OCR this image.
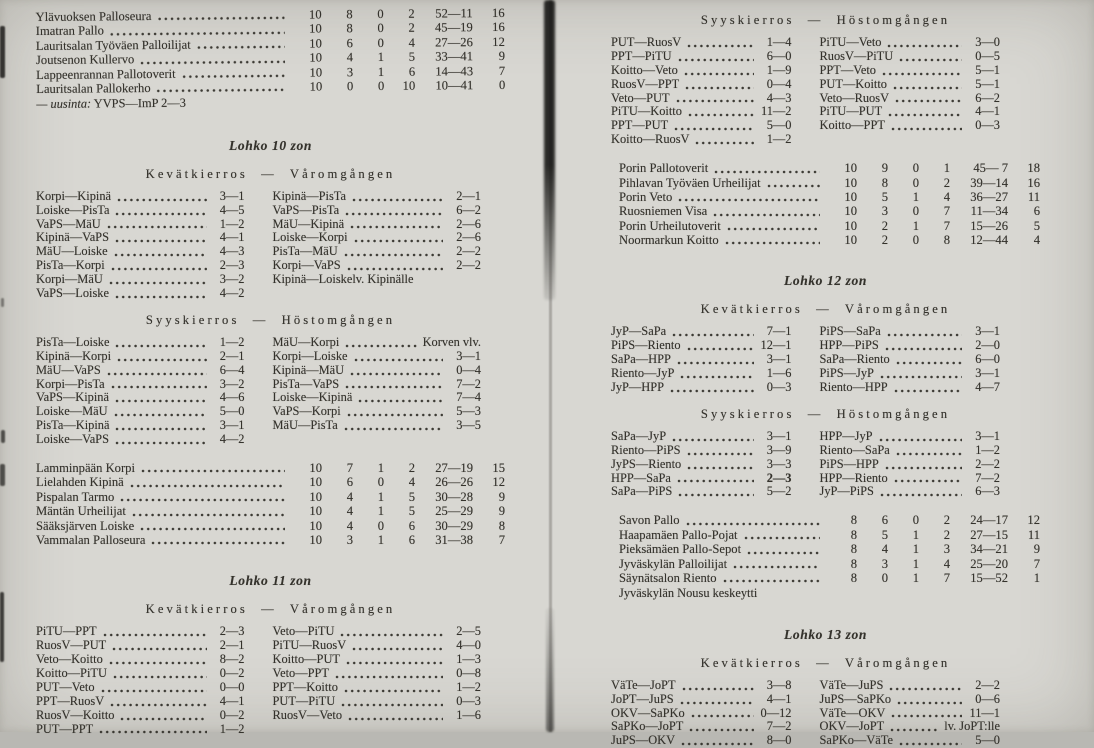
Ylävuoksen Palloseura	10	8	0	2	52—11	16
Imatran Pallo	10	8	0	2	45—19	16
Lauritsalan Työväen Palloilijat	10	6	0	4	27—26	12
Joutsenon Kullervo	10	4	1	5	33—41	9
Lappeenrannan Pallotoverit	10	3	1	6	14—43	7
Lauritsalan Pallokerho	10	0	0	10	10—41	0
— uusinta: YVPS—ImP 2—3
Lohko 10 zon
Kevätkierros — Våromgången
Korpi—Kipinä	3—1
Loiske—PisTa	4—5
VaPS—MäU	1—2
Kipinä—VaPS	4—1
MäU—Loiske	4—3
PisTa—Korpi	2—3
Korpi—MäU	3—2
VaPS—Loiske	4—2
Kipinä—PisTa	2—1
VaPS—PisTa	6—2
MäU—Kipinä	2—6
Loiske—Korpi	2—6
PisTa—MäU	2—2
Korpi—VaPS	2—2
Kipinä—Loiske lv. Kipinälle
Syyskierros — Höstomgången
PisTa—Loiske	1—2
Kipinä—Korpi	2—1
MäU—VaPS	6—4
Korpi—PisTa	3—2
VaPS—Kipinä	4—6
Loiske—MäU	5—0
PisTa—Kipinä	3—1
Loiske—VaPS	4—2
MäU—Korpi	Korven vlv.
Korpi—Loiske	3—1
Kipinä—MäU	0—4
PisTa—VaPS	7—2
Loiske—Kipinä	7—4
VaPS—Korpi	5—3
MäU—PisTa	3—5
Lamminpään Korpi	10	7	1	2	27—19	15
Lielahden Kipinä	10	6	0	4	26—26	12
Pispalan Tarmo	10	4	1	5	30—28	9
Mäntän Urheilijat	10	4	1	5	25—29	9
Sääksjärven Loiske	10	4	0	6	30—29	8
Vammalan Palloseura	10	3	1	6	31—38	7
Lohko 11 zon
Kevätkierros — Våromgången
PiTU—PPT	2—3
RuosV—PUT	2—1
Veto—Koitto	8—2
Koitto—PiTU	0—2
PUT—Veto	0—0
PPT—RuosV	4—1
RuosV—Koitto	0—2
PUT—PPT	1—2
Veto—PiTU	2—5
PiTU—RuosV	4—0
Koitto—PUT	1—3
Veto—PPT	0—8
PPT—Koitto	1—2
PUT—PiTU	0—3
RuosV—Veto	1—6
Syyskierros — Höstomgången
PUT—RuosV	1—4
PPT—PiTU	6—0
Koitto—Veto	1—9
RuosV—PPT	0—4
Veto—PUT	4—3
PiTU—Koitto	11—2
PPT—PUT	5—0
Koitto—RuosV	1—2
PiTU—Veto	3—0
RuosV—PiTU	0—5
PPT—Veto	5—1
PUT—Koitto	5—1
Veto—RuosV	6—2
PiTU—PUT	4—1
Koitto—PPT	0—3
Porin Pallotoverit	10	9	0	1	45— 7	18
Pihlavan Työväen Urheilijat	10	8	0	2	39—14	16
Porin Veto	10	5	1	4	36—27	11
Ruosniemen Visa	10	3	0	7	11—34	6
Porin Urheilutoverit	10	2	1	7	15—26	5
Noormarkun Koitto	10	2	0	8	12—44	4
Lohko 12 zon
Kevätkierros — Våromgången
JyP—SaPa	7—1
PiPS—Riento	12—1
SaPa—HPP	3—1
Riento—JyP	1—6
JyP—HPP	0—3
PiPS—SaPa	3—1
HPP—PiPS	2—0
SaPa—Riento	6—0
PiPS—JyP	3—1
Riento—HPP	4—7
Syyskierros — Höstomgången
SaPa—JyP	3—1
Riento—PiPS	3—9
JyPS—Riento	3—3
HPP—SaPa	2—3
SaPa—PiPS	5—2
HPP—JyP	3—1
Riento—SaPa	1—2
PiPS—HPP	2—2
HPP—Riento	7—2
JyP—PiPS	6—3
Savon Pallo	8	6	0	2	24—17	12
Haapamäen Pallo-Pojat	8	5	1	2	27—15	11
Pieksämäen Pallo-Sepot	8	4	1	3	34—21	9
Jyväskylän Palloilijat	8	3	1	4	25—20	7
Säynätsalon Riento	8	0	1	7	15—52	1
Jyväskylän Nousu keskeytti
Lohko 13 zon
Kevätkierros — Våromgången
VäTe—JoPT	3—8
JoPT—JuPS	4—1
OKV—SaPKo	0—12
SaPKo—JoPT	7—2
JuPS—OKV	8—0
VäTe—JuPS	2—2
JuPS—SaPKo	0—6
VäTe—OKV	11—1
OKV—JoPT	lv. JoPT:lle
SaPKo—VäTe	5—0
